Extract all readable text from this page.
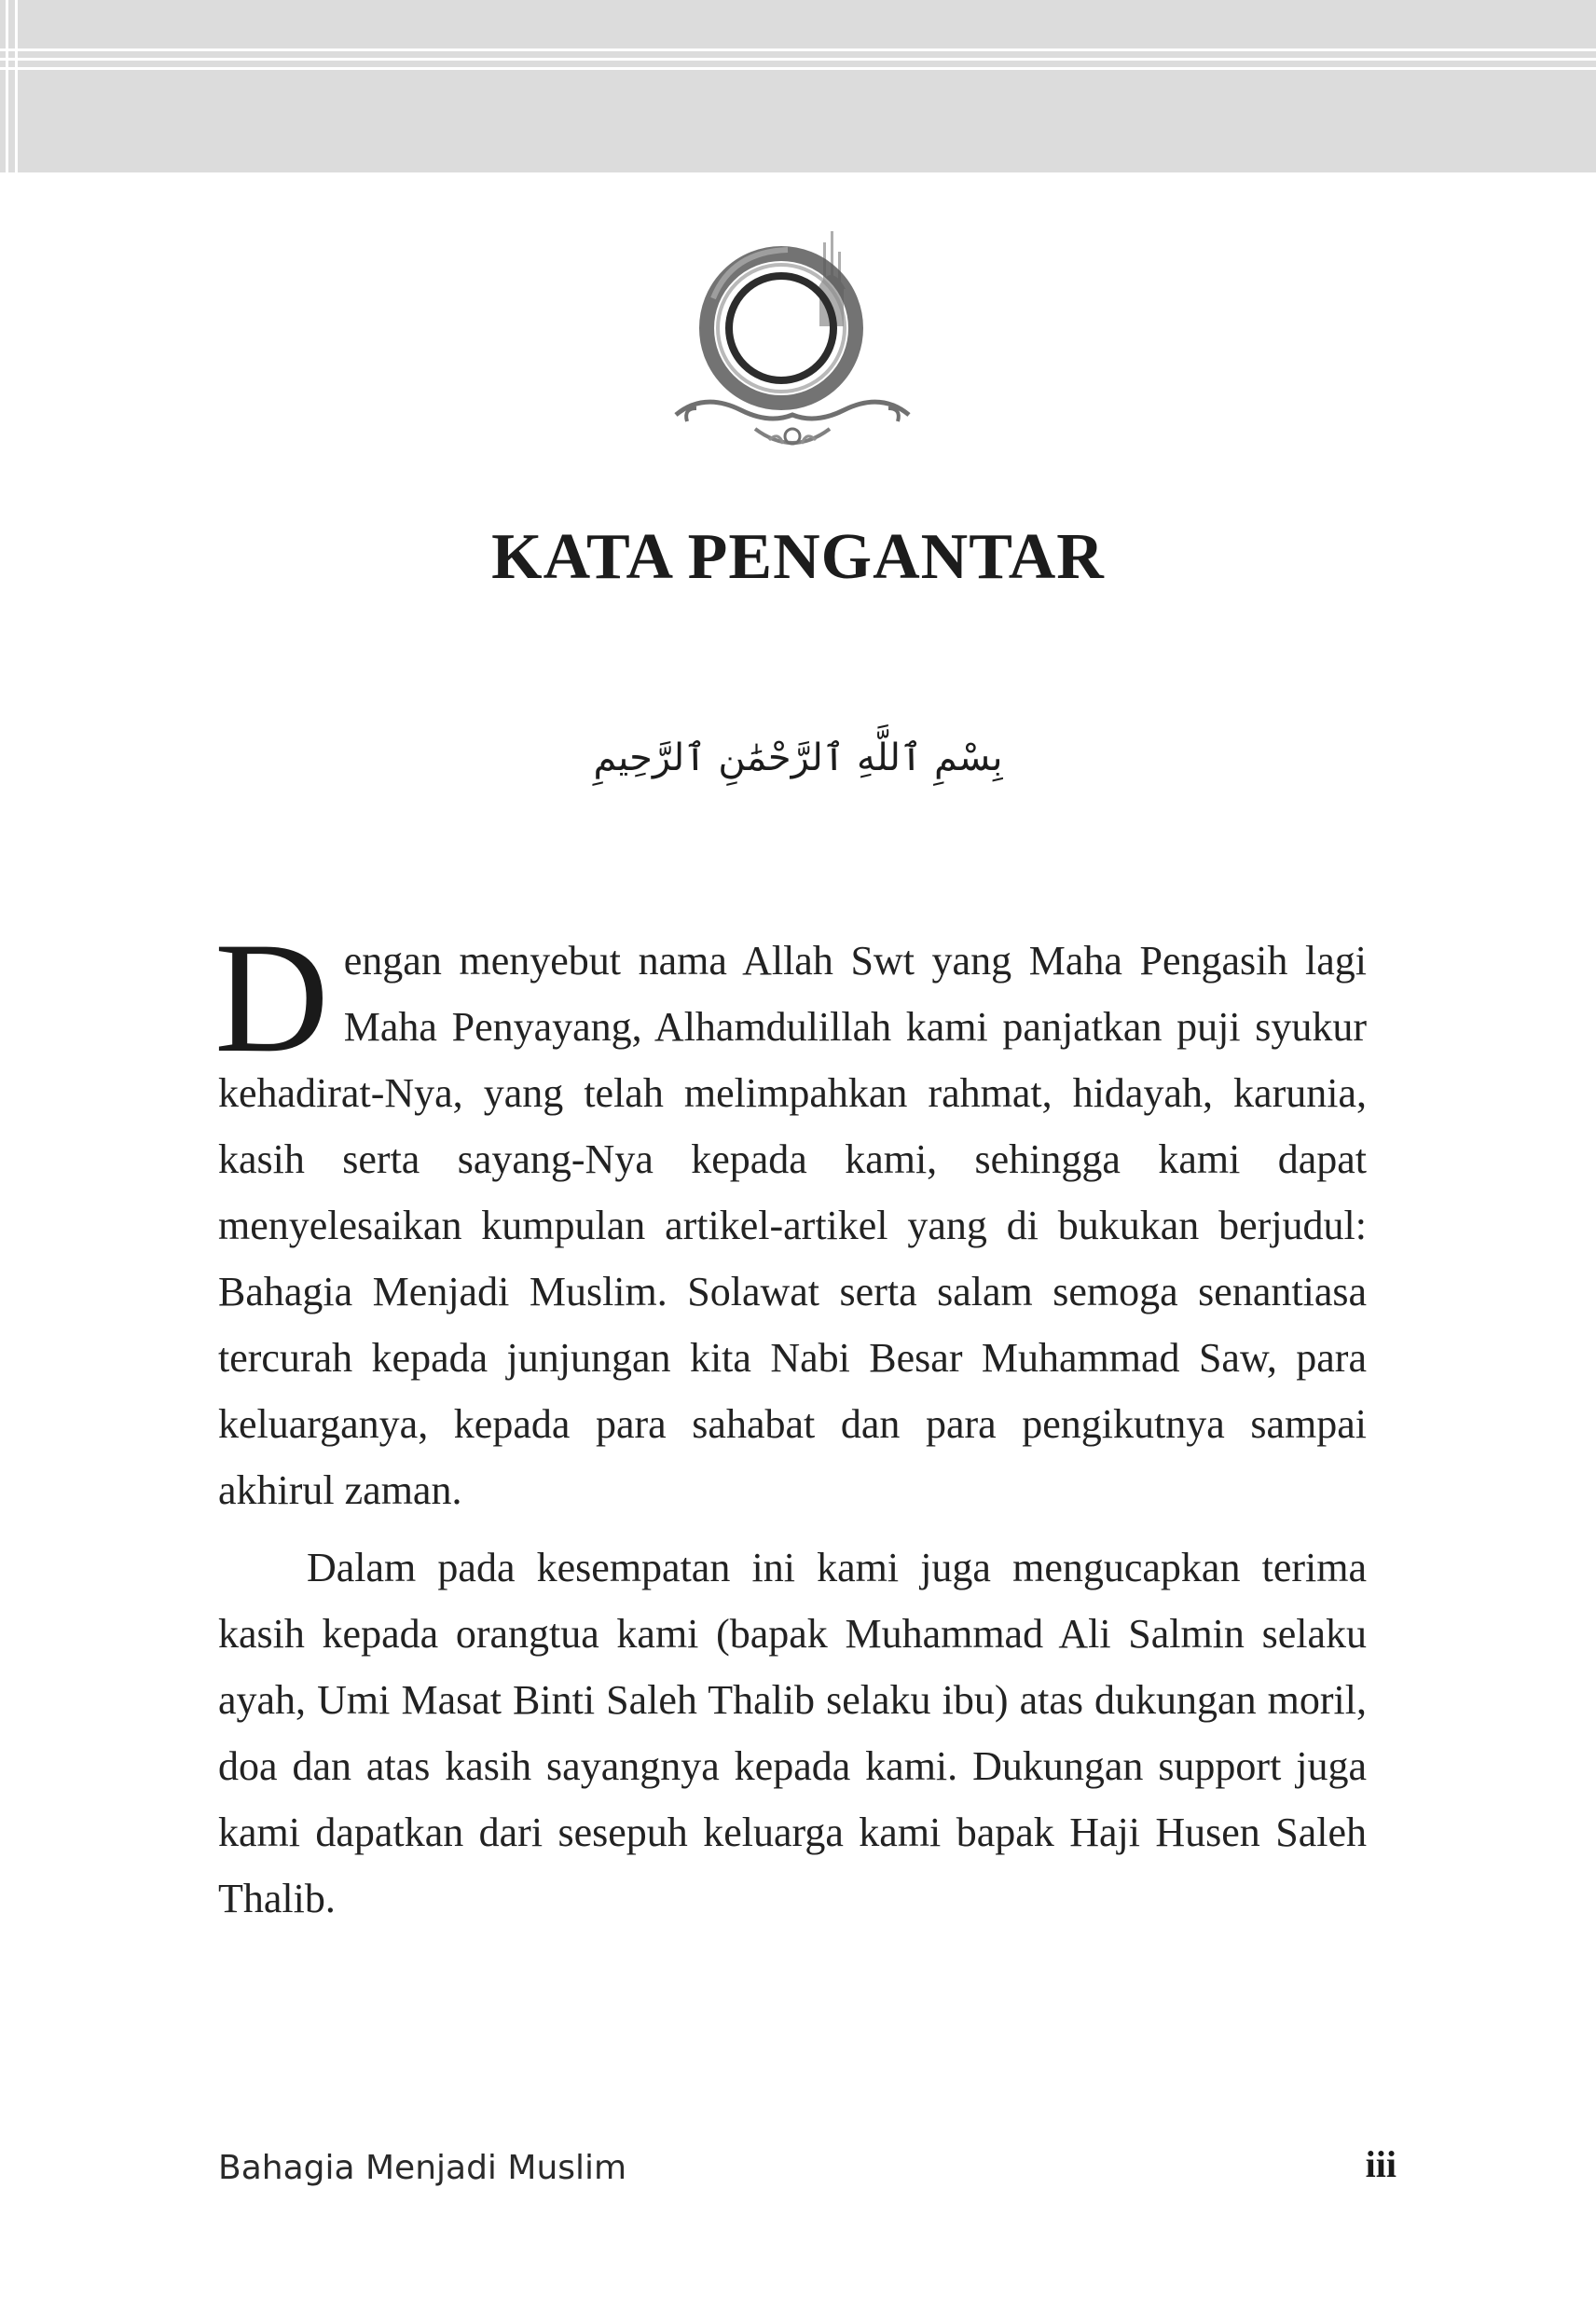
KATA PENGANTAR
بِسْمِ ٱللَّهِ ٱلرَّحْمَٰنِ ٱلرَّحِيمِ

Dengan menyebut nama Allah Swt yang Maha Pengasih lagi Maha Penyayang, Alhamdulillah kami panjatkan puji syukur kehadirat-Nya, yang telah melimpahkan rahmat, hidayah, karunia, kasih serta sayang-Nya kepada kami, sehingga kami dapat menyelesaikan kumpulan artikel-artikel yang di bukukan berjudul: Bahagia Menjadi Muslim. Solawat serta salam semoga senantiasa tercurah kepada junjungan kita Nabi Besar Muhammad Saw, para keluarganya, kepada para sahabat dan para pengikutnya sampai akhirul zaman.

Dalam pada kesempatan ini kami juga mengucapkan terima kasih kepada orangtua kami (bapak Muhammad Ali Salmin selaku ayah, Umi Masat Binti Saleh Thalib selaku ibu) atas dukungan moril, doa dan atas kasih sayangnya kepada kami. Dukungan support juga kami dapatkan dari sesepuh keluarga kami bapak Haji Husen Saleh Thalib.

Bahagia Menjadi Muslim	iii
